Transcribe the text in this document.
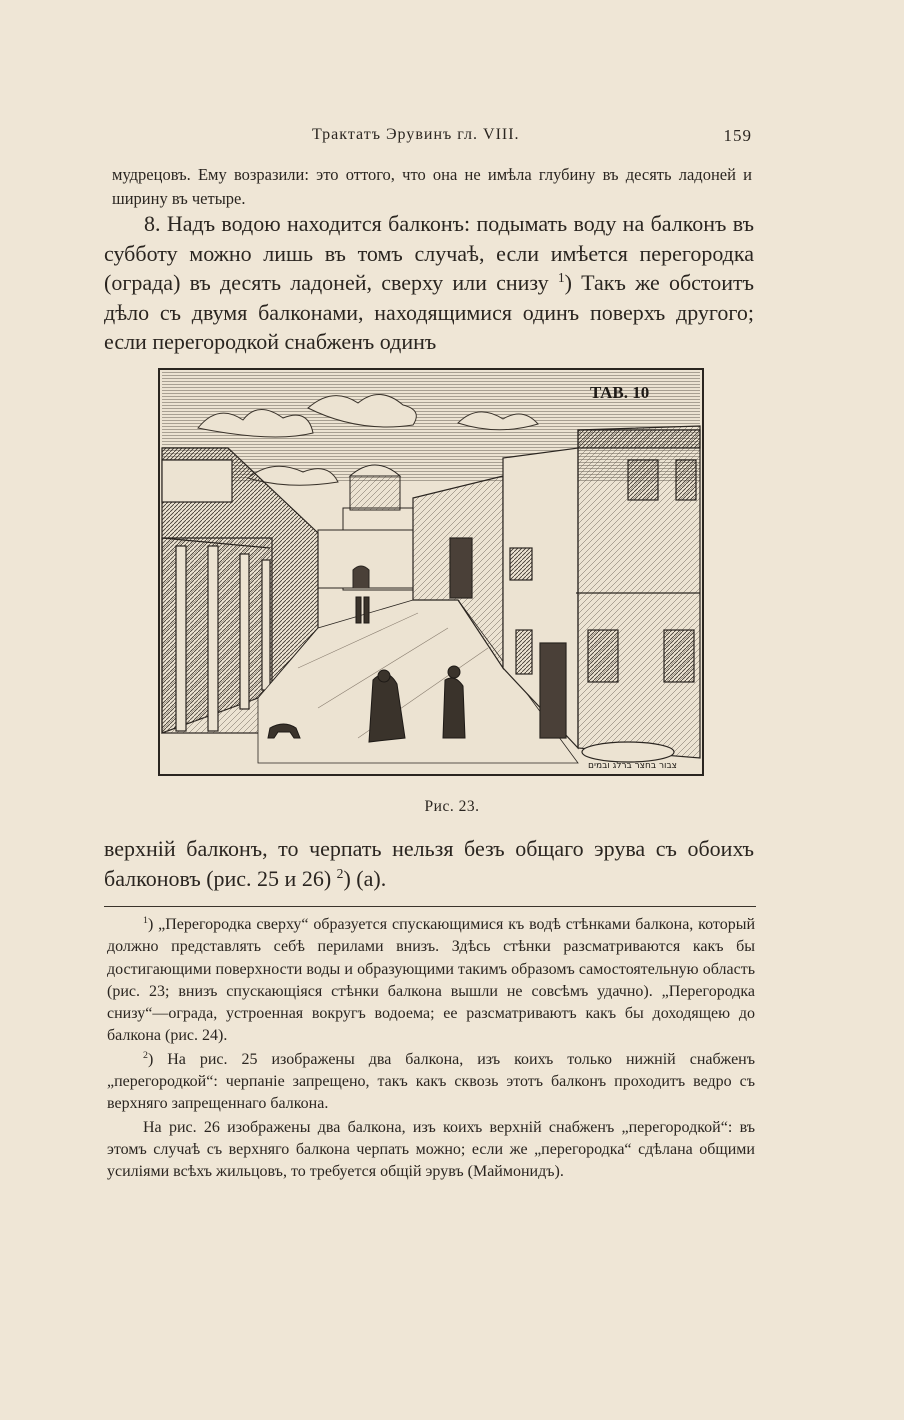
Трактатъ Эрувинъ гл. VIII.	159
мудрецовъ. Ему возразили: это оттого, что она не имѣла глубину въ десять ладоней и ширину въ четыре.

8. Надъ водою находится балконъ: подымать воду на балконъ въ субботу можно лишь въ томъ случаѣ, если имѣется перегородка (ограда) въ десять ладоней, сверху или снизу $^1$) Такъ же обстоитъ дѣло съ двумя балконами, находящимися одинъ поверхъ другого; если перегородкой снабженъ одинъ

TAB. 10
צבור בחצר ברלג ובמים
Рис. 23.
верхній балконъ, то черпать нельзя безъ общаго эрува съ обоихъ балконовъ (рис. 25 и 26) $^2$) (а).

$^1$) „Перегородка сверху“ образуется спускающимися къ водѣ стѣнками балкона, который должно представлять себѣ перилами внизъ. Здѣсь стѣнки разсматриваются какъ бы достигающими поверхности воды и образующими такимъ образомъ самостоятельную область (рис. 23; внизъ спускающіяся стѣнки балкона вышли не совсѣмъ удачно). „Перегородка снизу“—ограда, устроенная вокругъ водоема; ее разсматриваютъ какъ бы доходящею до балкона (рис. 24).

$^2$) На рис. 25 изображены два балкона, изъ коихъ только нижній снабженъ „перегородкой“: черпаніе запрещено, такъ какъ сквозь этотъ балконъ проходитъ ведро съ верхняго запрещеннаго балкона.

На рис. 26 изображены два балкона, изъ коихъ верхній снабженъ „перегородкой“: въ этомъ случаѣ съ верхняго балкона черпать можно; если же „перегородка“ сдѣлана общими усиліями всѣхъ жильцовъ, то требуется общій эрувъ (Маймонидъ).
